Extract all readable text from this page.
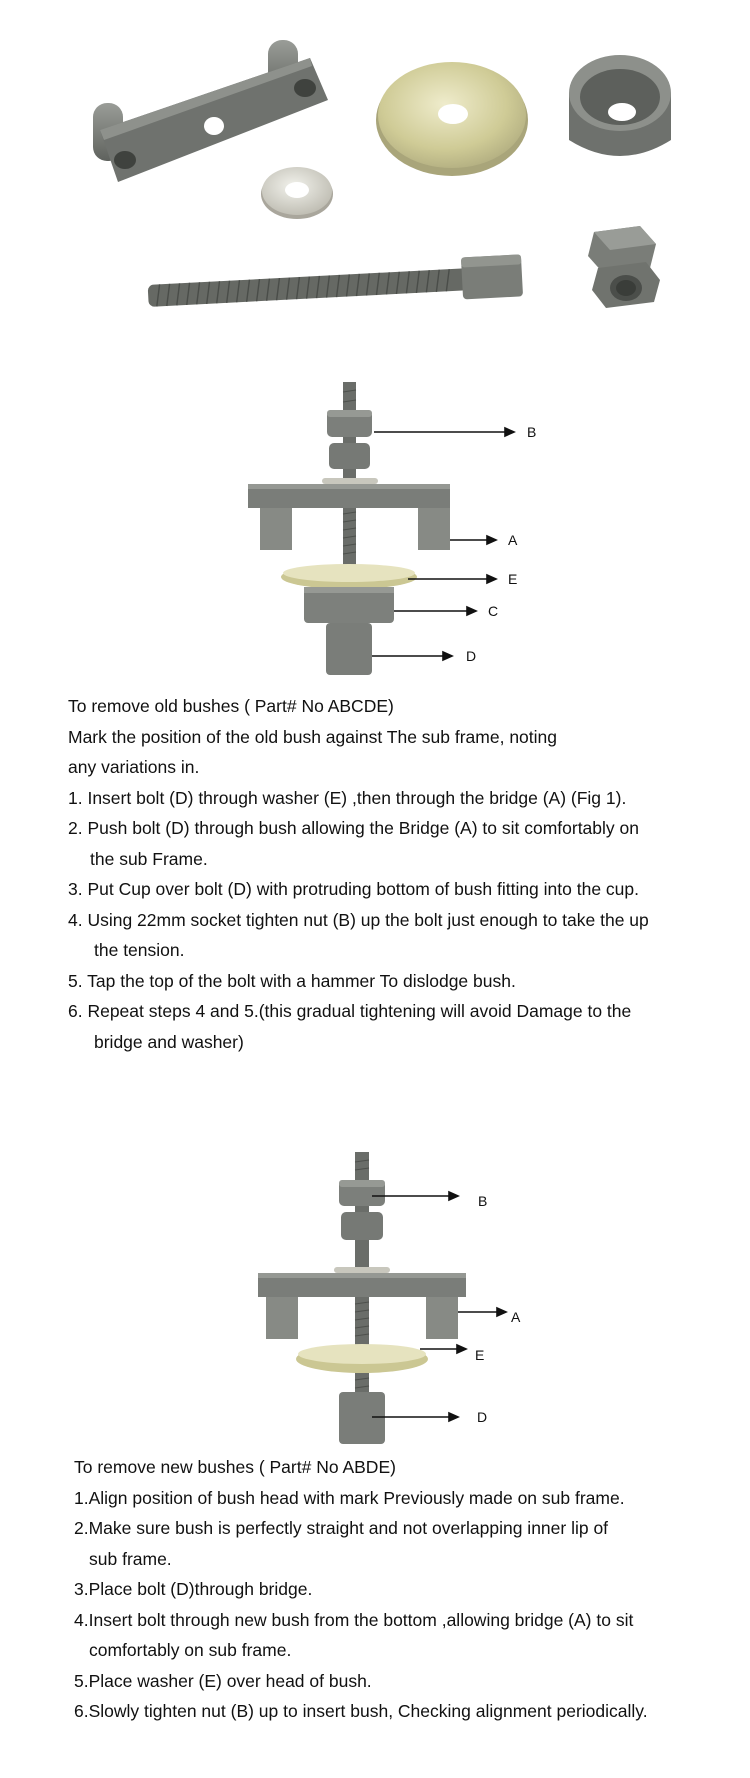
B
A
E
C
D
To remove old bushes ( Part# No ABCDE)
Mark the position of the old bush against The sub frame, noting
any variations in.
1. Insert bolt (D) through washer (E) ,then through the bridge (A) (Fig 1).
2. Push bolt (D) through bush allowing the Bridge (A) to sit comfortably on
the sub Frame.
3. Put Cup over bolt (D) with protruding bottom of bush fitting into the cup.
4. Using 22mm socket tighten nut (B) up the bolt just enough to take the up
the tension.
5. Tap the top of the bolt with a hammer To dislodge bush.
6. Repeat steps 4 and 5.(this gradual tightening will avoid Damage to the
bridge and washer)
B
A
E
D
To remove new bushes ( Part# No ABDE)
1.Align position of bush head with mark Previously made on sub frame.
2.Make sure bush is perfectly straight and not overlapping inner lip of
sub frame.
3.Place bolt (D)through bridge.
4.Insert bolt through new bush from the bottom ,allowing bridge (A) to sit
comfortably on sub frame.
5.Place washer (E) over head of bush.
6.Slowly tighten nut (B) up to insert bush, Checking alignment periodically.
